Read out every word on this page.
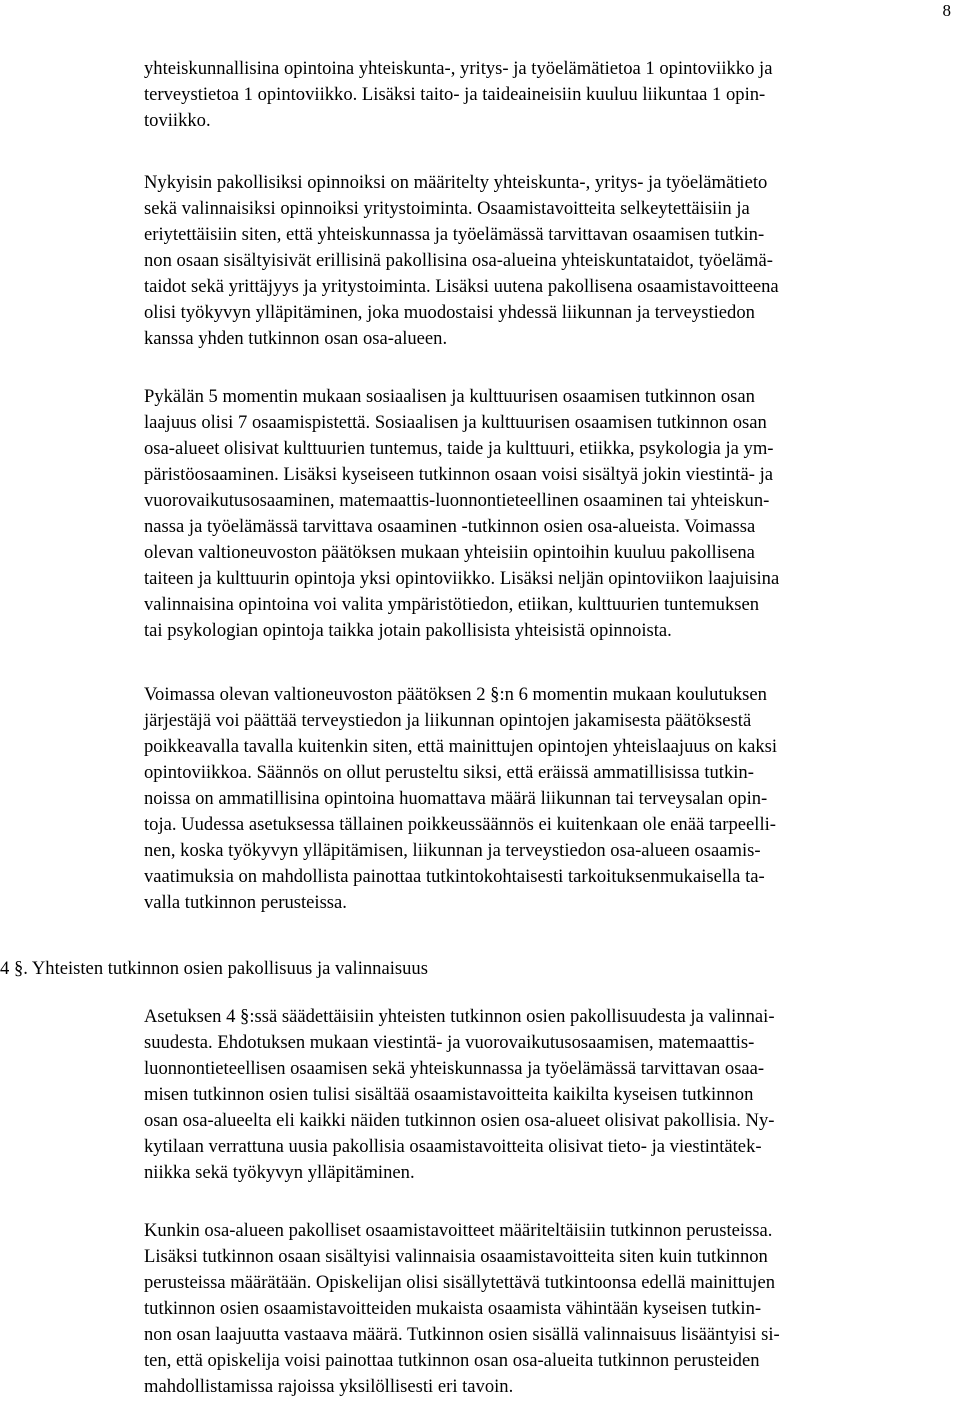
8
yhteiskunnallisina opintoina yhteiskunta-, yritys- ja työelämätietoa 1 opintoviikko ja
terveystietoa 1 opintoviikko. Lisäksi taito- ja taideaineisiin kuuluu liikuntaa 1 opin-
toviikko.
Nykyisin pakollisiksi opinnoiksi on määritelty yhteiskunta-, yritys- ja työelämätieto
sekä valinnaisiksi opinnoiksi yritystoiminta. Osaamistavoitteita selkeytettäisiin ja
eriytettäisiin siten, että yhteiskunnassa ja työelämässä tarvittavan osaamisen tutkin-
non osaan sisältyisivät erillisinä pakollisina osa-alueina yhteiskuntataidot, työelämä-
taidot sekä yrittäjyys ja yritystoiminta. Lisäksi uutena pakollisena osaamistavoitteena
olisi työkyvyn ylläpitäminen, joka muodostaisi yhdessä liikunnan ja terveystiedon
kanssa yhden tutkinnon osan osa-alueen.
Pykälän 5 momentin mukaan sosiaalisen ja kulttuurisen osaamisen tutkinnon osan
laajuus olisi 7 osaamispistettä. Sosiaalisen ja kulttuurisen osaamisen tutkinnon osan
osa-alueet olisivat kulttuurien tuntemus, taide ja kulttuuri, etiikka, psykologia ja ym-
päristöosaaminen. Lisäksi kyseiseen tutkinnon osaan voisi sisältyä jokin viestintä- ja
vuorovaikutusosaaminen, matemaattis-luonnontieteellinen osaaminen tai yhteiskun-
nassa ja työelämässä tarvittava osaaminen -tutkinnon osien osa-alueista. Voimassa
olevan valtioneuvoston päätöksen mukaan yhteisiin opintoihin kuuluu pakollisena
taiteen ja kulttuurin opintoja yksi opintoviikko. Lisäksi neljän opintoviikon laajuisina
valinnaisina opintoina voi valita ympäristötiedon, etiikan, kulttuurien tuntemuksen
tai psykologian opintoja taikka jotain pakollisista yhteisistä opinnoista.
Voimassa olevan valtioneuvoston päätöksen 2 §:n 6 momentin mukaan koulutuksen
järjestäjä voi päättää terveystiedon ja liikunnan opintojen jakamisesta päätöksestä
poikkeavalla tavalla kuitenkin siten, että mainittujen opintojen yhteislaajuus on kaksi
opintoviikkoa. Säännös on ollut perusteltu siksi, että eräissä ammatillisissa tutkin-
noissa on ammatillisina opintoina huomattava määrä liikunnan tai terveysalan opin-
toja. Uudessa asetuksessa tällainen poikkeussäännös ei kuitenkaan ole enää tarpeelli-
nen, koska työkyvyn ylläpitämisen, liikunnan ja terveystiedon osa-alueen osaamis-
vaatimuksia on mahdollista painottaa tutkintokohtaisesti tarkoituksenmukaisella ta-
valla tutkinnon perusteissa.
4 §. Yhteisten tutkinnon osien pakollisuus ja valinnaisuus
Asetuksen 4 §:ssä säädettäisiin yhteisten tutkinnon osien pakollisuudesta ja valinnai-
suudesta. Ehdotuksen mukaan viestintä- ja vuorovaikutusosaamisen, matemaattis-
luonnontieteellisen osaamisen sekä yhteiskunnassa ja työelämässä tarvittavan osaa-
misen tutkinnon osien tulisi sisältää osaamistavoitteita kaikilta kyseisen tutkinnon
osan osa-alueelta eli kaikki näiden tutkinnon osien osa-alueet olisivat pakollisia. Ny-
kytilaan verrattuna uusia pakollisia osaamistavoitteita olisivat tieto- ja viestintätek-
niikka sekä työkyvyn ylläpitäminen.
Kunkin osa-alueen pakolliset osaamistavoitteet määriteltäisiin tutkinnon perusteissa.
Lisäksi tutkinnon osaan sisältyisi valinnaisia osaamistavoitteita siten kuin tutkinnon
perusteissa määrätään. Opiskelijan olisi sisällytettävä tutkintoonsa edellä mainittujen
tutkinnon osien osaamistavoitteiden mukaista osaamista vähintään kyseisen tutkin-
non osan laajuutta vastaava määrä. Tutkinnon osien sisällä valinnaisuus lisääntyisi si-
ten, että opiskelija voisi painottaa tutkinnon osan osa-alueita tutkinnon perusteiden
mahdollistamissa rajoissa yksilöllisesti eri tavoin.
